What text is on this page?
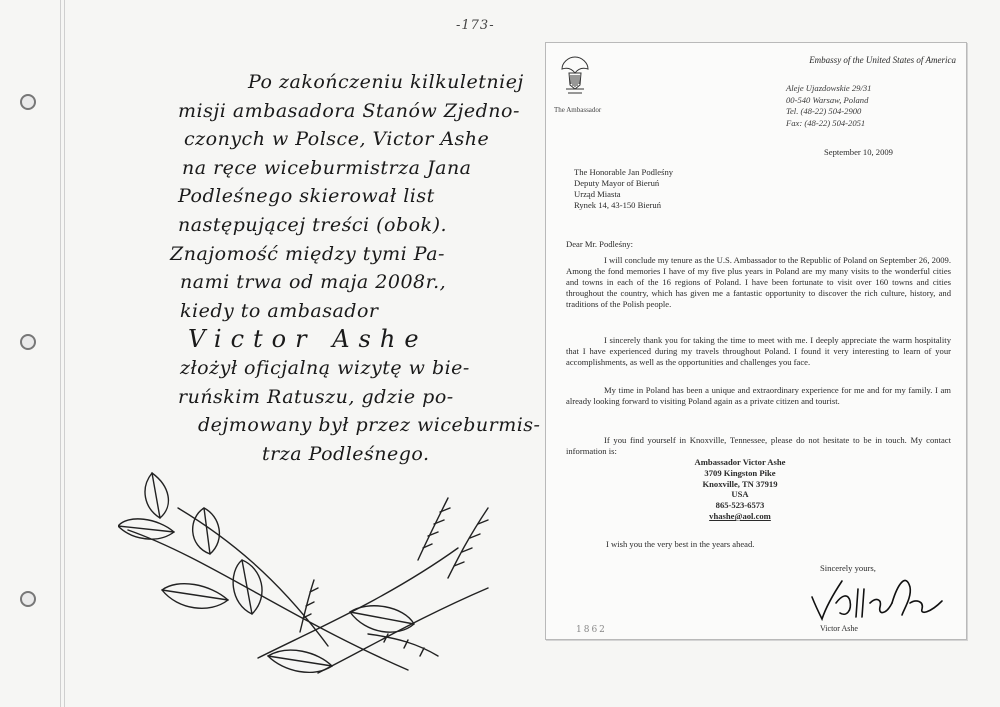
-173-
Po zakończeniu kilkuletniej
misji ambasadora Stanów Zjedno-
czonych w Polsce, Victor Ashe
na ręce wiceburmistrza Jana
Podleśnego skierował list
następującej treści (obok).
Znajomość między tymi Pa-
nami trwa od maja 2008r.,
kiedy to ambasador
Victor Ashe
złożył oficjalną wizytę w bie-
ruńskim Ratuszu, gdzie po-
dejmowany był przez wiceburmis-
trza Podleśnego.
The Ambassador
Embassy of the United States of America
Aleje Ujazdowskie 29/31
00-540 Warsaw, Poland
Tel. (48-22) 504-2900
Fax: (48-22) 504-2051
September 10, 2009
The Honorable Jan Podleśny
Deputy Mayor of Bieruń
Urząd Miasta
Rynek 14, 43-150 Bieruń
Dear Mr. Podleśny:
I will conclude my tenure as the U.S. Ambassador to the Republic of Poland on September 26, 2009. Among the fond memories I have of my five plus years in Poland are my many visits to the wonderful cities and towns in each of the 16 regions of Poland. I have been fortunate to visit over 160 towns and cities throughout the country, which has given me a fantastic opportunity to discover the rich culture, history, and traditions of the Polish people.
I sincerely thank you for taking the time to meet with me. I deeply appreciate the warm hospitality that I have experienced during my travels throughout Poland. I found it very interesting to learn of your accomplishments, as well as the opportunities and challenges you face.
My time in Poland has been a unique and extraordinary experience for me and for my family. I am already looking forward to visiting Poland again as a private citizen and tourist.
If you find yourself in Knoxville, Tennessee, please do not hesitate to be in touch. My contact information is:
Ambassador Victor Ashe
3709 Kingston Pike
Knoxville, TN 37919
USA
865-523-6573
vhashe@aol.com
I wish you the very best in the years ahead.
Sincerely yours,
Victor Ashe
1862
